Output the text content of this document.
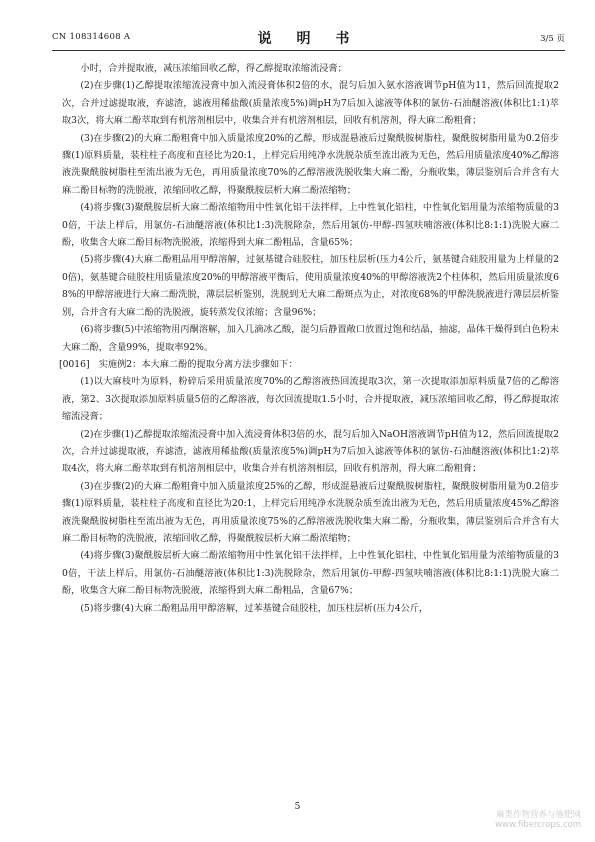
CN 108314608 A	说 明 书	3/5 页

小时，合并提取液，减压浓缩回收乙醇，得乙醇提取浓缩流浸膏；

(2)在步骤(1)乙醇提取浓缩流浸膏中加入流浸膏体积2倍的水，混匀后加入氨水溶液调节pH值为11，然后回流提取2次，合并过滤提取液，弃滤渣，滤液用稀盐酸(质量浓度5%)调pH为7后加入滤液等体积的氯仿-石油醚溶液(体积比1:1)萃取3次，将大麻二酚萃取到有机溶剂相层中，收集合并有机溶剂相层，回收有机溶剂，得大麻二酚粗膏；

(3)在步骤(2)的大麻二酚粗膏中加入质量浓度20%的乙醇，形成混悬液后过聚酰胺树脂柱，聚酰胺树脂用量为0.2倍步骤(1)原料质量，装柱柱子高度和直径比为20:1，上样完后用纯净水洗脱杂质至流出液为无色，然后用质量浓度40%乙醇溶液洗聚酰胺树脂柱至流出液为无色，再用质量浓度70%的乙醇溶液洗脱收集大麻二酚，分瓶收集，薄层鉴别后合并含有大麻二酚目标物的洗脱液，浓缩回收乙醇，得聚酰胺层析大麻二酚浓缩物；

(4)将步骤(3)聚酰胺层析大麻二酚浓缩物用中性氧化铝干法拌样，上中性氧化铝柱，中性氧化铝用量为浓缩物质量的30倍，干法上样后，用氯仿-石油醚溶液(体积比1:3)洗脱除杂，然后用氯仿-甲醇-四氢呋喃溶液(体积比8:1:1)洗脱大麻二酚，收集含大麻二酚目标物洗脱液，浓缩得到大麻二酚粗品，含量65%；

(5)将步骤(4)大麻二酚粗品用甲醇溶解，过氨基键合硅胶柱，加压柱层析(压力4公斤，氨基键合硅胶用量为上样量的20倍)，氨基键合硅胶柱用质量浓度20%的甲醇溶液平衡后，使用质量浓度40%的甲醇溶液洗2个柱体积，然后用质量浓度68%的甲醇溶液进行大麻二酚洗脱，薄层层析鉴别，洗脱到无大麻二酚斑点为止，对浓度68%的甲醇洗脱液进行薄层层析鉴别，合并含有大麻二酚的洗脱液，旋转蒸发仪浓缩；含量96%；

(6)将步骤(5)中浓缩物用丙酮溶解，加入几滴冰乙酸，混匀后静置敞口放置过饱和结晶，抽滤，晶体干燥得到白色粉末大麻二酚，含量99%，提取率92%。

[0016]　实施例2：本大麻二酚的提取分离方法步骤如下：

(1)以大麻枝叶为原料，粉碎后采用质量浓度70%的乙醇溶液热回流提取3次，第一次提取添加原料质量7倍的乙醇溶液，第2、3次提取添加原料质量5倍的乙醇溶液，每次回流提取1.5小时，合并提取液，减压浓缩回收乙醇，得乙醇提取浓缩流浸膏；

(2)在步骤(1)乙醇提取浓缩流浸膏中加入流浸膏体积3倍的水，混匀后加入NaOH溶液调节pH值为12，然后回流提取2次，合并过滤提取液，弃滤渣，滤液用稀盐酸(质量浓度5%)调pH为7后加入滤液等体积的氯仿-石油醚溶液(体积比1:2)萃取4次，将大麻二酚萃取到有机溶剂相层中，收集合并有机溶剂相层，回收有机溶剂，得大麻二酚粗膏；

(3)在步骤(2)的大麻二酚粗膏中加入质量浓度25%的乙醇，形成混悬液后过聚酰胺树脂柱，聚酰胺树脂用量为0.2倍步骤(1)原料质量，装柱柱子高度和直径比为20:1，上样完后用纯净水洗脱杂质至流出液为无色，然后用质量浓度45%乙醇溶液洗聚酰胺树脂柱至流出液为无色，再用质量浓度75%的乙醇溶液洗脱收集大麻二酚，分瓶收集，薄层鉴别后合并含有大麻二酚目标物的洗脱液，浓缩回收乙醇，得聚酰胺层析大麻二酚浓缩物；

(4)将步骤(3)聚酰胺层析大麻二酚浓缩物用中性氧化铝干法拌样，上中性氧化铝柱，中性氧化铝用量为浓缩物质量的30倍，干法上样后，用氯仿-石油醚溶液(体积比1:3)洗脱除杂，然后用氯仿-甲醇-四氢呋喃溶液(体积比8:1:1)洗脱大麻二酚，收集含大麻二酚目标物洗脱液，浓缩得到大麻二酚粗品，含量67%；

(5)将步骤(4)大麻二酚粗品用甲醇溶解，过苯基键合硅胶柱，加压柱层析(压力4公斤，

5
麻类作物营养与施肥网
www.fibercrops.com
